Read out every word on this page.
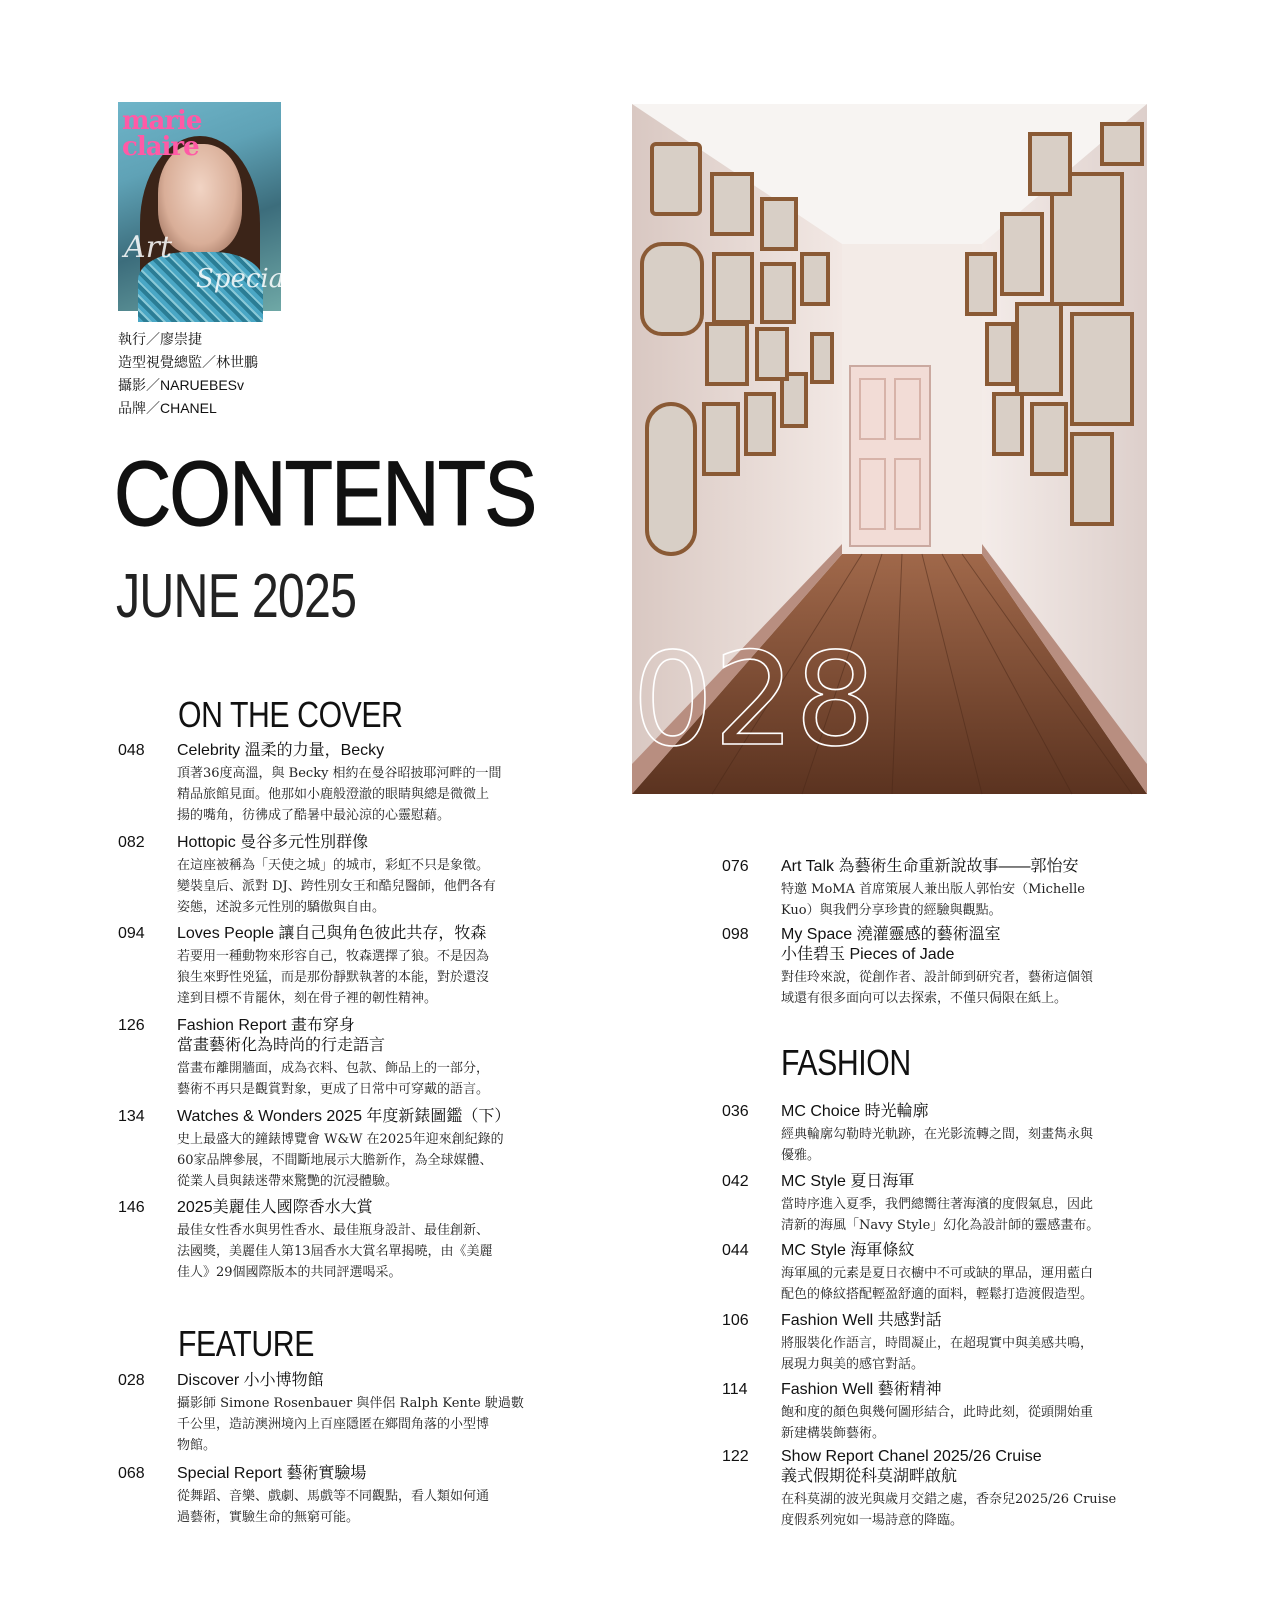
marie claire
Art
Special
執行／廖崇捷
造型視覺總監／林世鵬
攝影／NARUEBESv
品牌／CHANEL
CONTENTS
JUNE 2025
ON THE COVER
FEATURE
FASHION
048 Celebrity 溫柔的力量，Becky
頂著36度高溫，與 Becky 相約在曼谷昭披耶河畔的一間
精品旅館見面。他那如小鹿般澄澈的眼睛與總是微微上
揚的嘴角，彷彿成了酷暑中最沁涼的心靈慰藉。
082 Hottopic 曼谷多元性別群像
在這座被稱為「天使之城」的城市，彩虹不只是象徵。
變裝皇后、派對 DJ、跨性別女王和酷兒醫師，他們各有
姿態，述說多元性別的驕傲與自由。
094 Loves People 讓自己與角色彼此共存，牧森
若要用一種動物來形容自己，牧森選擇了狼。不是因為
狼生來野性兇猛，而是那份靜默執著的本能，對於還沒
達到目標不肯罷休，刻在骨子裡的韌性精神。
126 Fashion Report 畫布穿身
當畫藝術化為時尚的行走語言
當畫布離開牆面，成為衣料、包款、飾品上的一部分，
藝術不再只是觀賞對象，更成了日常中可穿戴的語言。
134 Watches & Wonders 2025 年度新錶圖鑑（下）
史上最盛大的鐘錶博覽會 W&W 在2025年迎來創紀錄的
60家品牌參展，不間斷地展示大膽新作，為全球媒體、
從業人員與錶迷帶來驚艷的沉浸體驗。
146 2025美麗佳人國際香水大賞
最佳女性香水與男性香水、最佳瓶身設計、最佳創新、
法國獎，美麗佳人第13屆香水大賞名單揭曉，由《美麗
佳人》29個國際版本的共同評選喝采。
028 Discover 小小博物館
攝影師 Simone Rosenbauer 與伴侶 Ralph Kente 駛過數
千公里，造訪澳洲境內上百座隱匿在鄉間角落的小型博
物館。
068 Special Report 藝術實驗場
從舞蹈、音樂、戲劇、馬戲等不同觀點，看人類如何通
過藝術，實驗生命的無窮可能。
076 Art Talk 為藝術生命重新說故事——郭怡安
特邀 MoMA 首席策展人兼出版人郭怡安（Michelle
Kuo）與我們分享珍貴的經驗與觀點。
098 My Space 澆灌靈感的藝術溫室
小佳碧玉 Pieces of Jade
對佳玲來說，從創作者、設計師到研究者，藝術這個領
域還有很多面向可以去探索，不僅只侷限在紙上。
036 MC Choice 時光輪廓
經典輪廓勾勒時光軌跡，在光影流轉之間，刻畫雋永與
優雅。
042 MC Style 夏日海軍
當時序進入夏季，我們總嚮往著海濱的度假氣息，因此
清新的海風「Navy Style」幻化為設計師的靈感畫布。
044 MC Style 海軍條紋
海軍風的元素是夏日衣櫥中不可或缺的單品，運用藍白
配色的條紋搭配輕盈舒適的面料，輕鬆打造渡假造型。
106 Fashion Well 共感對話
將服裝化作語言，時間凝止，在超現實中與美感共鳴，
展現力與美的感官對話。
114 Fashion Well 藝術精神
飽和度的顏色與幾何圖形結合，此時此刻，從頭開始重
新建構裝飾藝術。
122 Show Report Chanel 2025/26 Cruise
義式假期從科莫湖畔啟航
在科莫湖的波光與歲月交錯之處，香奈兒2025/26 Cruise
度假系列宛如一場詩意的降臨。
028
